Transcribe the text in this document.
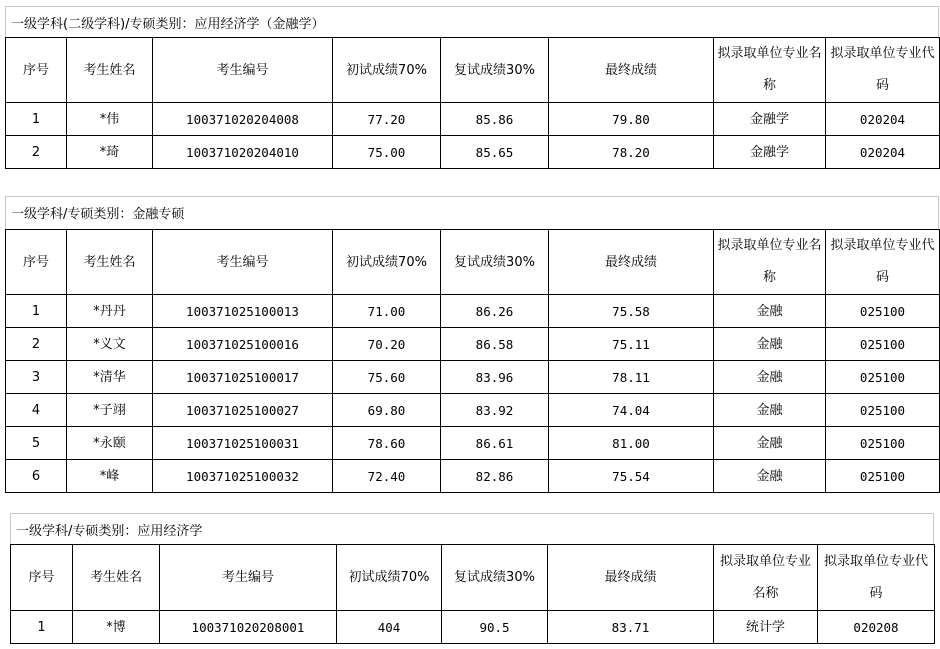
一级学科(二级学科)/专硕类别：应用经济学（金融学）
序号	考生姓名	考生编号	初试成绩70%	复试成绩30%	最终成绩	拟录取单位专业名称	拟录取单位专业代码
1	*伟	100371020204008	77.20	85.86	79.80	金融学	020204
2	*琦	100371020204010	75.00	85.65	78.20	金融学	020204
一级学科/专硕类别：金融专硕
序号	考生姓名	考生编号	初试成绩70%	复试成绩30%	最终成绩	拟录取单位专业名称	拟录取单位专业代码
1	*丹丹	100371025100013	71.00	86.26	75.58	金融	025100
2	*义文	100371025100016	70.20	86.58	75.11	金融	025100
3	*清华	100371025100017	75.60	83.96	78.11	金融	025100
4	*子翊	100371025100027	69.80	83.92	74.04	金融	025100
5	*永颐	100371025100031	78.60	86.61	81.00	金融	025100
6	*峰	100371025100032	72.40	82.86	75.54	金融	025100
一级学科/专硕类别：应用经济学
序号	考生姓名	考生编号	初试成绩70%	复试成绩30%	最终成绩	拟录取单位专业名称	拟录取单位专业代码
1	*博	100371020208001	404	90.5	83.71	统计学	020208
